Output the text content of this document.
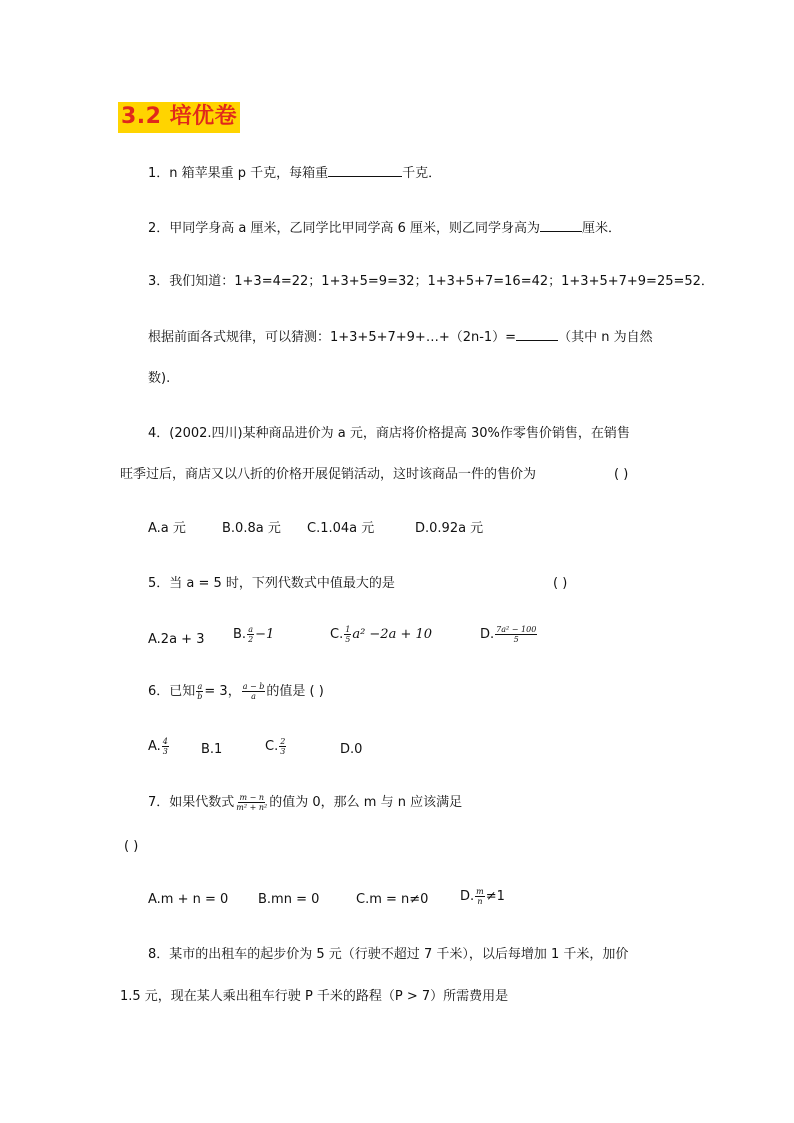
3.2 培优卷
1．n 箱苹果重 p 千克，每箱重	千克．
2．甲同学身高 a 厘米，乙同学比甲同学高 6 厘米，则乙同学身高为	厘米．
3．我们知道：1+3=4=22；1+3+5=9=32；1+3+5+7=16=42；1+3+5+7+9=25=52．
根据前面各式规律，可以猜测：1+3+5+7+9+…+（2n-1）=	（其中 n 为自然
数).
4．(2002.四川)某种商品进价为 a 元，商店将价格提高 30%作零售价销售，在销售
旺季过后，商店又以八折的价格开展促销活动，这时该商品一件的售价为	( )
A.a 元	B.0.8a 元 C.1.04a 元	D.0.92a 元
5．当 a = 5 时，下列代数式中值最大的是	( )
A.2a + 3 B. $\frac{a}{2} -1$	C. $\frac{1}{5} a^2 -2a + 10$	D. $\frac{\text{7a² − 100}}{5}$
6．已知 $\frac{a}{b} = 3$， $\frac{a - b}{a}$ 的值是 ( )
A. $\frac{4}{3} B.1$	C. $\frac{2}{3}$	D.0
7．如果代数式 $\frac{m - n}{\text{m² + n²}}$ 的值为 0，那么 m 与 n 应该满足
( )
A.m + n = 0 B.mn = 0	C.m = n≠0 D. $\frac{m}{n} \ne 1$
8．某市的出租车的起步价为 5 元（行驶不超过 7 千米），以后每增加 1 千米，加价
1.5 元，现在某人乘出租车行驶 P 千米的路程（P > 7）所需费用是
